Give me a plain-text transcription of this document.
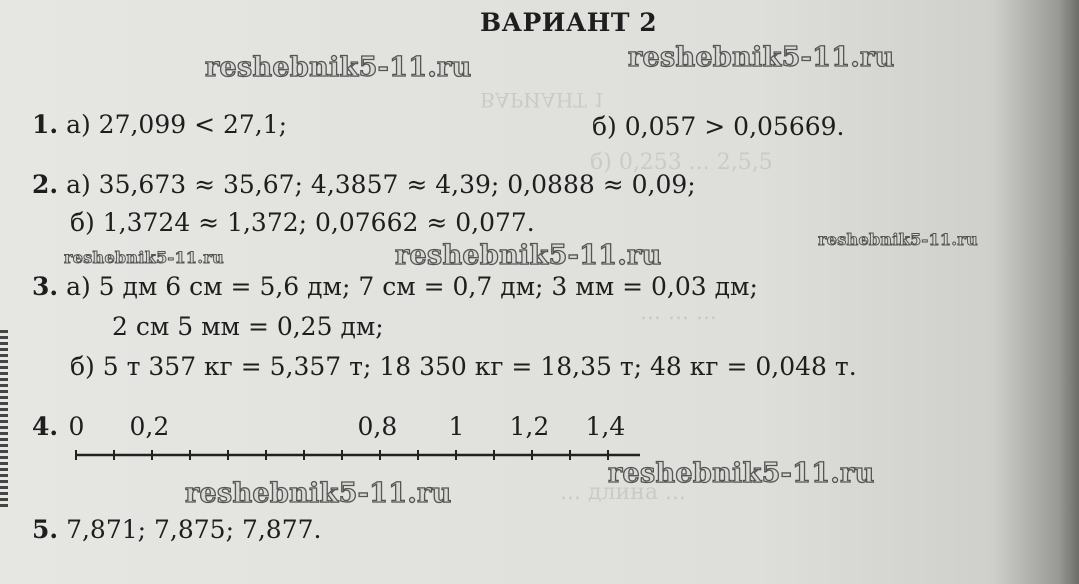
ВАРИАНТ 1
б) 0,253 ... 2,5,5
... ... ...
... длина ...
ВАРИАНТ 2
reshebnik5-11.ru	reshebnik5-11.ru
reshebnik5-11.ru	reshebnik5-11.ru
reshebnik5-11.ru
reshebnik5-11.ru
reshebnik5-11.ru
1. а) 27,099 < 27,1;	б) 0,057 > 0,05669.
2. а) 35,673 ≈ 35,67; 4,3857 ≈ 4,39; 0,0888 ≈ 0,09;
б) 1,3724 ≈ 1,372; 0,07662 ≈ 0,077.
3. а) 5 дм 6 см = 5,6 дм; 7 см = 0,7 дм; 3 мм = 0,03 дм;
2 см 5 мм = 0,25 дм;
б) 5 т 357 кг = 5,357 т; 18 350 кг = 18,35 т; 48 кг = 0,048 т.
4. 0 0,2	0,8 1 1,2 1,4
5. 7,871; 7,875; 7,877.
